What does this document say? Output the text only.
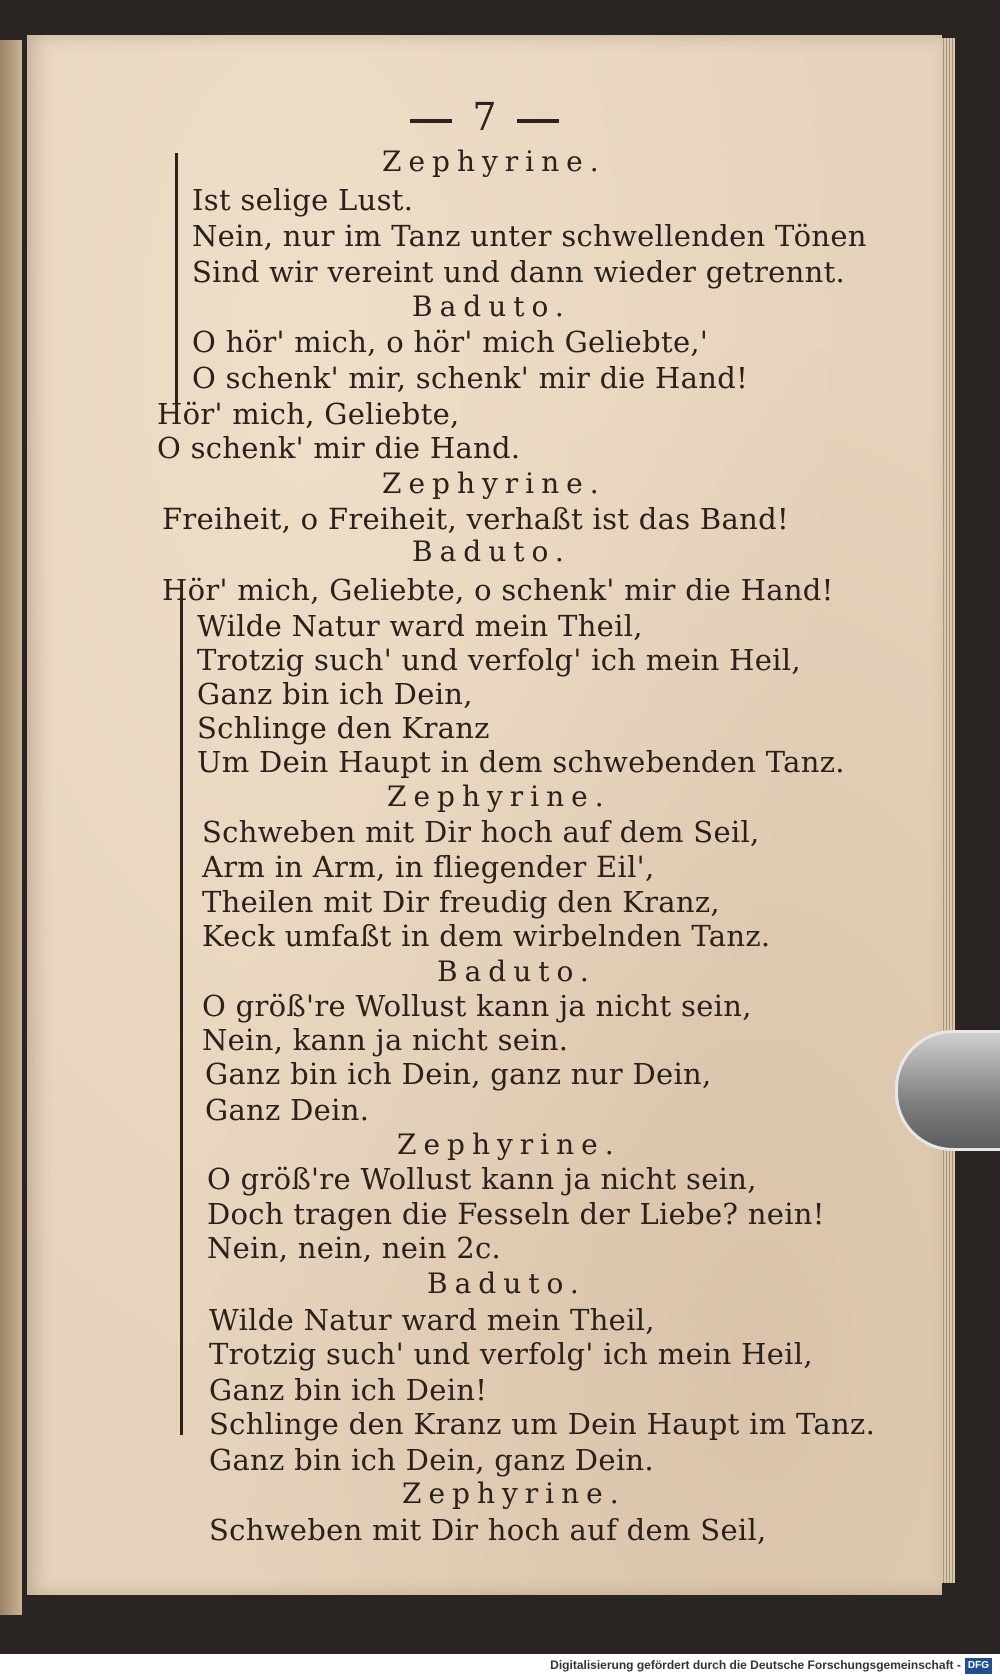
7
Zephyrine.
Ist selige Lust.
Nein, nur im Tanz unter schwellenden Tönen
Sind wir vereint und dann wieder getrennt.
Baduto.
O hör' mich, o hör' mich Geliebte,'
O schenk' mir, schenk' mir die Hand!
Hör' mich, Geliebte,
O schenk' mir die Hand.
Zephyrine.
Freiheit, o Freiheit, verhaßt ist das Band!
Baduto.
Hör' mich, Geliebte, o schenk' mir die Hand!
Wilde Natur ward mein Theil,
Trotzig such' und verfolg' ich mein Heil,
Ganz bin ich Dein,
Schlinge den Kranz
Um Dein Haupt in dem schwebenden Tanz.
Zephyrine.
Schweben mit Dir hoch auf dem Seil,
Arm in Arm, in fliegender Eil',
Theilen mit Dir freudig den Kranz,
Keck umfaßt in dem wirbelnden Tanz.
Baduto.
O größ're Wollust kann ja nicht sein,
Nein, kann ja nicht sein.
Ganz bin ich Dein, ganz nur Dein,
Ganz Dein.
Zephyrine.
O größ're Wollust kann ja nicht sein,
Doch tragen die Fesseln der Liebe? nein!
Nein, nein, nein 2c.
Baduto.
Wilde Natur ward mein Theil,
Trotzig such' und verfolg' ich mein Heil,
Ganz bin ich Dein!
Schlinge den Kranz um Dein Haupt im Tanz.
Ganz bin ich Dein, ganz Dein.
Zephyrine.
Schweben mit Dir hoch auf dem Seil,
Digitalisierung gefördert durch die Deutsche Forschungsgemeinschaft - DFG
